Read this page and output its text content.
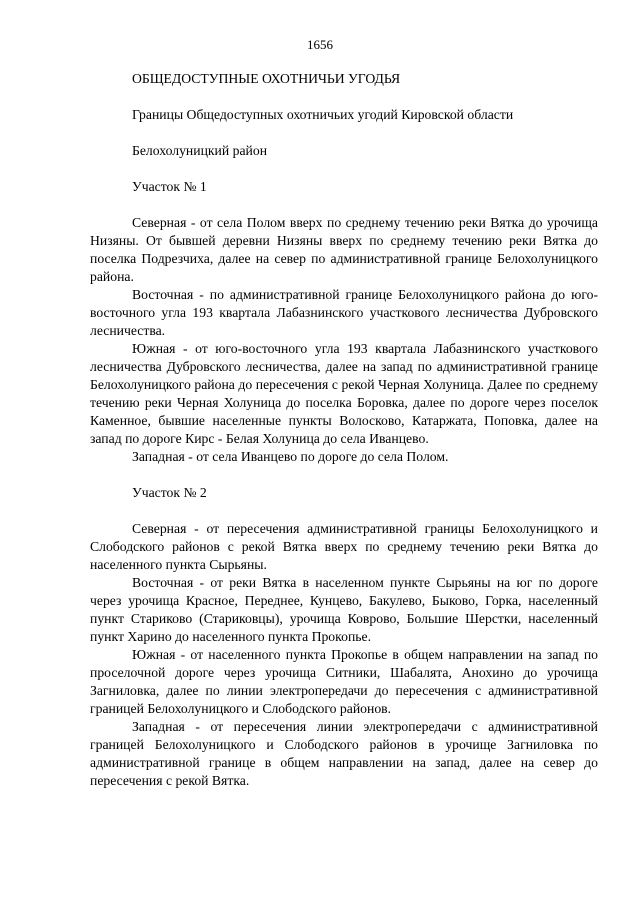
1656

ОБЩЕДОСТУПНЫЕ ОХОТНИЧЬИ УГОДЬЯ

Границы Общедоступных охотничьих угодий Кировской области

Белохолуницкий район

Участок № 1

Северная - от села Полом вверх по среднему течению реки Вятка до урочища Низяны. От бывшей деревни Низяны вверх по среднему течению реки Вятка до поселка Подрезчиха, далее на север по административной границе Белохолуницкого района.

Восточная - по административной границе Белохолуницкого района до юго-восточного угла 193 квартала Лабазнинского участкового лесничества Дубровского лесничества.

Южная - от юго-восточного угла 193 квартала Лабазнинского участкового лесничества Дубровского лесничества, далее на запад по административной границе Белохолуницкого района до пересечения с рекой Черная Холуница. Далее по среднему течению реки Черная Холуница до поселка Боровка, далее по дороге через поселок Каменное, бывшие населенные пункты Волосково, Катаржата, Поповка, далее на запад по дороге Кирс - Белая Холуница до села Иванцево.

Западная - от села Иванцево по дороге до села Полом.

Участок № 2

Северная - от пересечения административной границы Белохолуницкого и Слободского районов с рекой Вятка вверх по среднему течению реки Вятка до населенного пункта Сырьяны.

Восточная - от реки Вятка в населенном пункте Сырьяны на юг по дороге через урочища Красное, Переднее, Кунцево, Бакулево, Быково, Горка, населенный пункт Стариково (Стариковцы), урочища Коврово, Большие Шерстки, населенный пункт Харино до населенного пункта Прокопье.

Южная - от населенного пункта Прокопье в общем направлении на запад по проселочной дороге через урочища Ситники, Шабалята, Анохино до урочища Загниловка, далее по линии электропередачи до пересечения с административной границей Белохолуницкого и Слободского районов.

Западная - от пересечения линии электропередачи с административной границей Белохолуницкого и Слободского районов в урочище Загниловка по административной границе в общем направлении на запад, далее на север до пересечения с рекой Вятка.
